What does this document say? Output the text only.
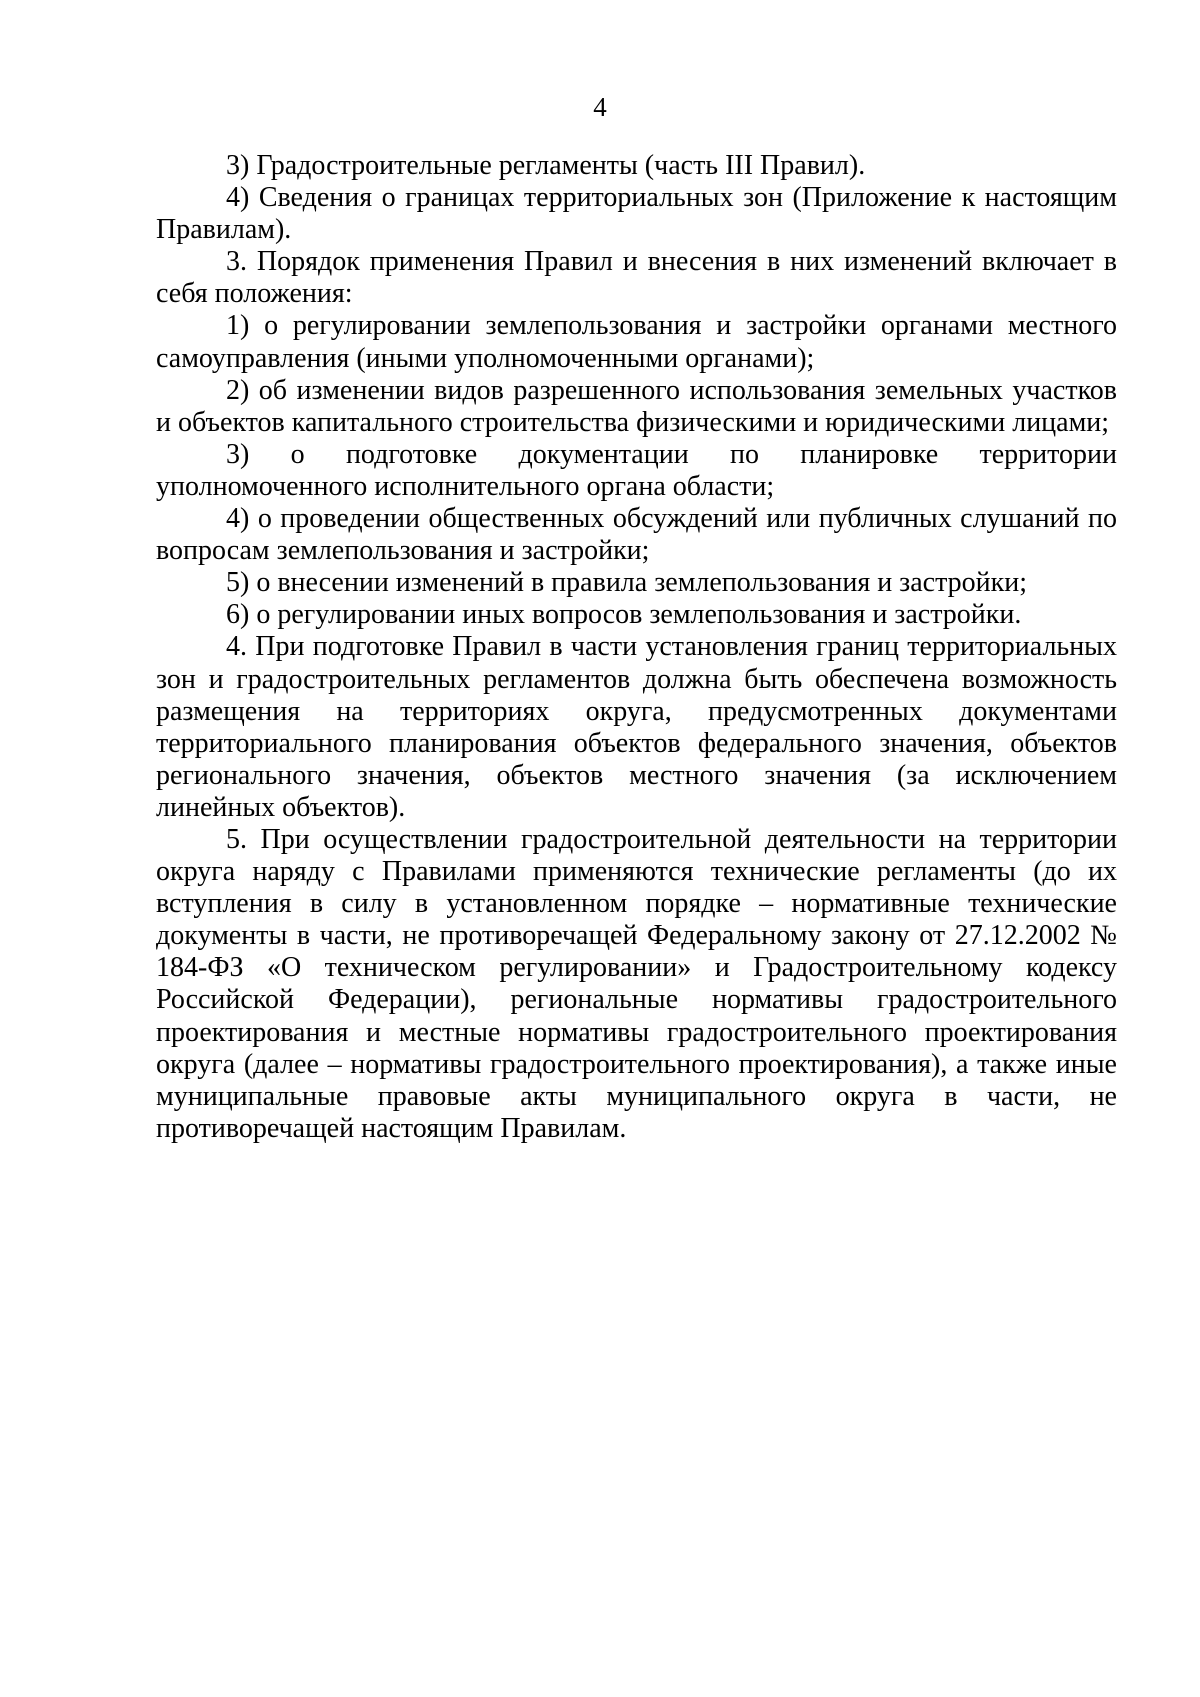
4

3) Градостроительные регламенты (часть III Правил).

4) Сведения о границах территориальных зон (Приложение к настоящим Правилам).

3. Порядок применения Правил и внесения в них изменений включает в себя положения:

1) о регулировании землепользования и застройки органами местного самоуправления (иными уполномоченными органами);

2) об изменении видов разрешенного использования земельных участков и объектов капитального строительства физическими и юридическими лицами;

3) о подготовке документации по планировке территории уполномоченного исполнительного органа области;

4) о проведении общественных обсуждений или публичных слушаний по вопросам землепользования и застройки;

5) о внесении изменений в правила землепользования и застройки;

6) о регулировании иных вопросов землепользования и застройки.

4. При подготовке Правил в части установления границ территориальных зон и градостроительных регламентов должна быть обеспечена возможность размещения на территориях округа, предусмотренных документами территориального планирования объектов федерального значения, объектов регионального значения, объектов местного значения (за исключением линейных объектов).

5. При осуществлении градостроительной деятельности на территории округа наряду с Правилами применяются технические регламенты (до их вступления в силу в установленном порядке – нормативные технические документы в части, не противоречащей Федеральному закону от 27.12.2002 № 184-ФЗ «О техническом регулировании» и Градостроительному кодексу Российской Федерации), региональные нормативы градостроительного проектирования и местные нормативы градостроительного проектирования округа (далее – нормативы градостроительного проектирования), а также иные муниципальные правовые акты муниципального округа в части, не противоречащей настоящим Правилам.
